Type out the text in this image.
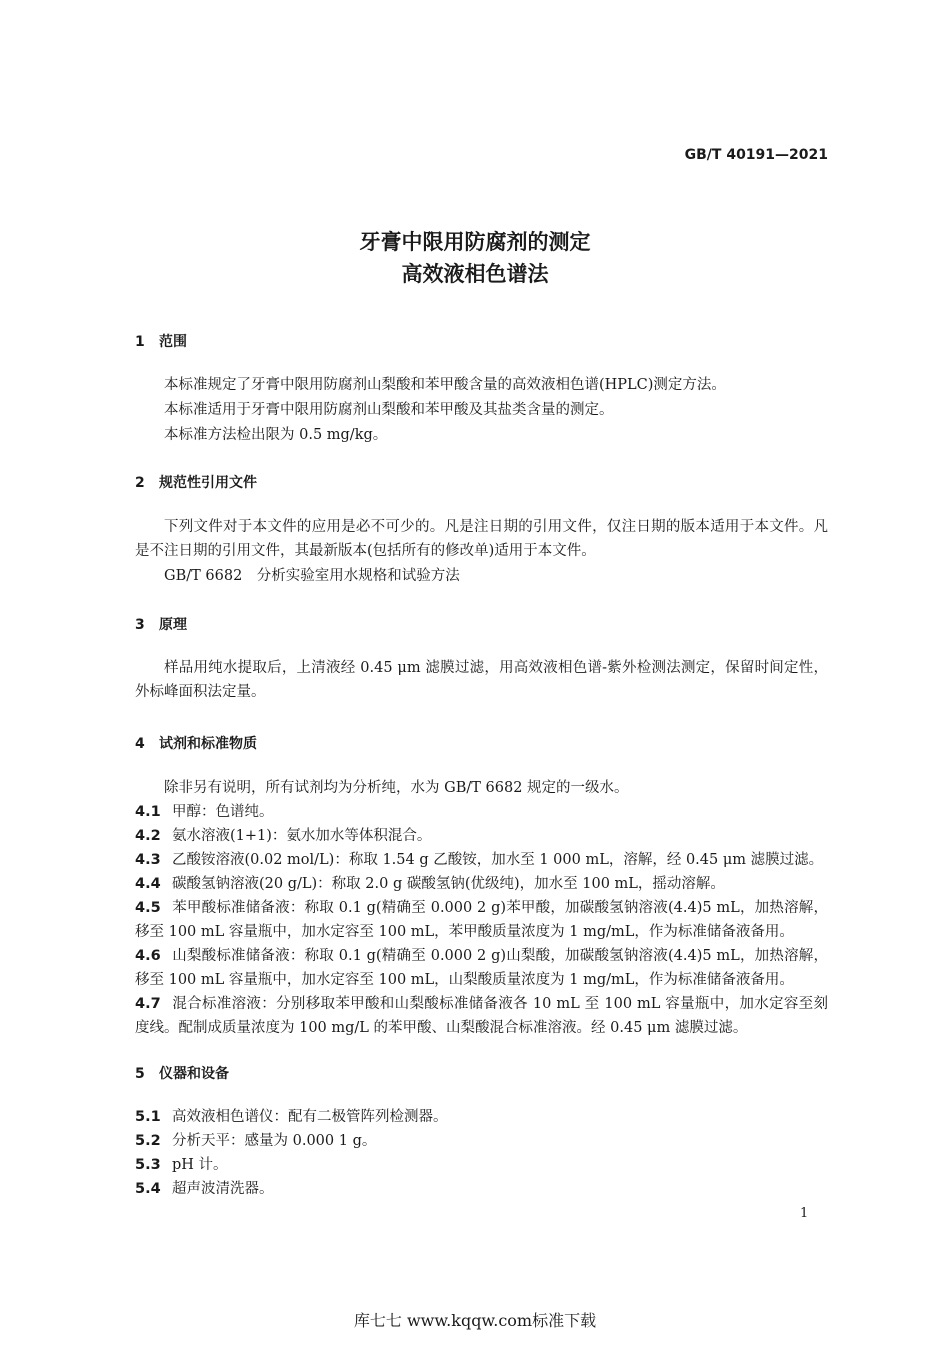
GB/T 40191—2021
牙膏中限用防腐剂的测定
高效液相色谱法
1 范围
本标准规定了牙膏中限用防腐剂山梨酸和苯甲酸含量的高效液相色谱(HPLC)测定方法。
本标准适用于牙膏中限用防腐剂山梨酸和苯甲酸及其盐类含量的测定。
本标准方法检出限为 0.5 mg/kg。
2 规范性引用文件
下列文件对于本文件的应用是必不可少的。凡是注日期的引用文件，仅注日期的版本适用于本文件。凡是不注日期的引用文件，其最新版本(包括所有的修改单)适用于本文件。
GB/T 6682　分析实验室用水规格和试验方法
3 原理
样品用纯水提取后，上清液经 0.45 μm 滤膜过滤，用高效液相色谱-紫外检测法测定，保留时间定性，外标峰面积法定量。
4 试剂和标准物质
除非另有说明，所有试剂均为分析纯，水为 GB/T 6682 规定的一级水。
4.1 甲醇：色谱纯。
4.2 氨水溶液(1+1)：氨水加水等体积混合。
4.3 乙酸铵溶液(0.02 mol/L)：称取 1.54 g 乙酸铵，加水至 1 000 mL，溶解，经 0.45 μm 滤膜过滤。
4.4 碳酸氢钠溶液(20 g/L)：称取 2.0 g 碳酸氢钠(优级纯)，加水至 100 mL，摇动溶解。
4.5 苯甲酸标准储备液：称取 0.1 g(精确至 0.000 2 g)苯甲酸，加碳酸氢钠溶液(4.4)5 mL，加热溶解，移至 100 mL 容量瓶中，加水定容至 100 mL，苯甲酸质量浓度为 1 mg/mL，作为标准储备液备用。
4.6 山梨酸标准储备液：称取 0.1 g(精确至 0.000 2 g)山梨酸，加碳酸氢钠溶液(4.4)5 mL，加热溶解，移至 100 mL 容量瓶中，加水定容至 100 mL，山梨酸质量浓度为 1 mg/mL，作为标准储备液备用。
4.7 混合标准溶液：分别移取苯甲酸和山梨酸标准储备液各 10 mL 至 100 mL 容量瓶中，加水定容至刻度线。配制成质量浓度为 100 mg/L 的苯甲酸、山梨酸混合标准溶液。经 0.45 μm 滤膜过滤。
5 仪器和设备
5.1 高效液相色谱仪：配有二极管阵列检测器。
5.2 分析天平：感量为 0.000 1 g。
5.3 pH 计。
5.4 超声波清洗器。
1
库七七 www.kqqw.com标准下载
